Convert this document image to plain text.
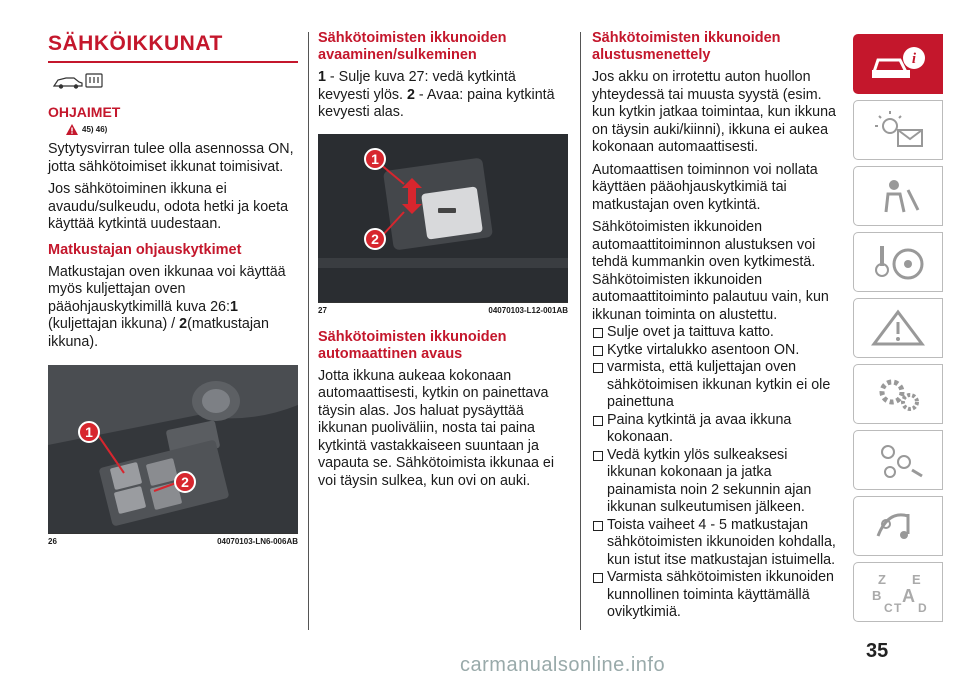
SÄHKÖIKKUNAT
OHJAIMET
45) 46)

Sytytysvirran tulee olla asennossa ON, jotta sähkötoimiset ikkunat toimisivat.

Jos sähkötoiminen ikkuna ei avaudu/sulkeudu, odota hetki ja koeta käyttää kytkintä uudestaan.

Matkustajan ohjauskytkimet

Matkustajan oven ikkunaa voi käyttää myös kuljettajan oven pääohjauskytkimillä kuva 26:1 (kuljettajan ikkuna) / 2(matkustajan ikkuna).

1
2
26	04070103-LN6-006AB
Sähkötoimisten ikkunoiden avaaminen/sulkeminen

1 - Sulje kuva 27: vedä kytkintä kevyesti ylös. 2 - Avaa: paina kytkintä kevyesti alas.

1
2
27	04070103-L12-001AB
Sähkötoimisten ikkunoiden automaattinen avaus

Jotta ikkuna aukeaa kokonaan automaattisesti, kytkin on painettava täysin alas. Jos haluat pysäyttää ikkunan puoliväliin, nosta tai paina kytkintä vastakkaiseen suuntaan ja vapauta se. Sähkötoimista ikkunaa ei voi täysin sulkea, kun ovi on auki.

Sähkötoimisten ikkunoiden alustusmenettely

Jos akku on irrotettu auton huollon yhteydessä tai muusta syystä (esim. kun kytkin jatkaa toimintaa, kun ikkuna on täysin auki/kiinni), ikkuna ei aukea kokonaan automaattisesti.

Automaattisen toiminnon voi nollata käyttäen pääohjauskytkimiä tai matkustajan oven kytkintä.

Sähkötoimisten ikkunoiden automaattitoiminnon alustuksen voi tehdä kummankin oven kytkimestä. Sähkötoimisten ikkunoiden automaattitoiminto palautuu vain, kun ikkunan toiminta on alustettu.

Sulje ovet ja taittuva katto.

Kytke virtalukko asentoon ON.

varmista, että kuljettajan oven sähkötoimisen ikkunan kytkin ei ole painettuna

Paina kytkintä ja avaa ikkuna kokonaan.

Vedä kytkin ylös sulkeaksesi ikkunan kokonaan ja jatka painamista noin 2 sekunnin ajan ikkunan sulkeutumisen jälkeen.

Toista vaiheet 4 - 5 matkustajan sähkötoimisten ikkunoiden kohdalla, kun istut itse matkustajan istuimella.

Varmista sähkötoimisten ikkunoiden kunnollinen toiminta käyttämällä ovikytkimiä.

i
Z E
B A
C T D
35
carmanualsonline.info
